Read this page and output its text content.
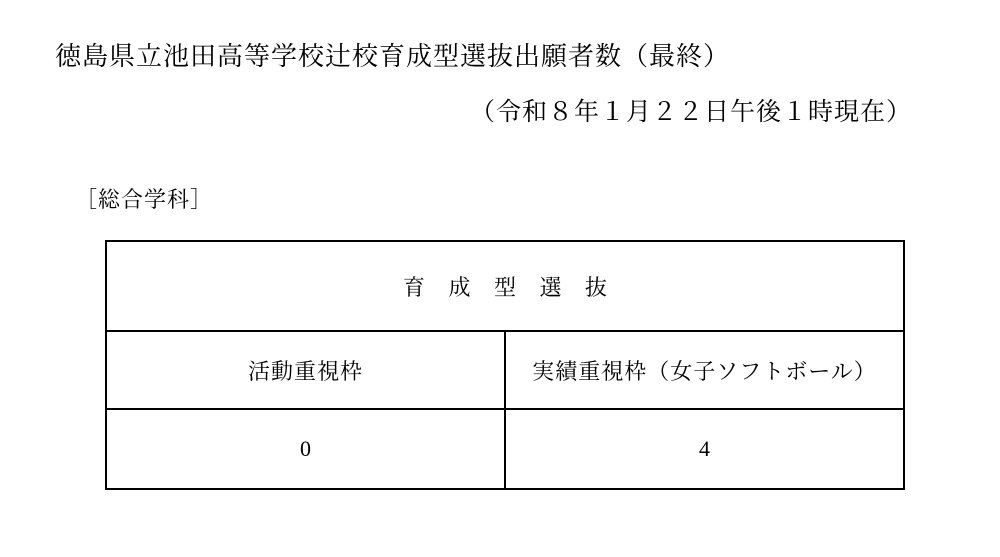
徳島県立池田高等学校辻校育成型選抜出願者数（最終）
（令和８年１月２２日午後１時現在）
［総合学科］
育 成 型 選 抜	
活動重視枠	実績重視枠（女子ソフトボール）
0	4
